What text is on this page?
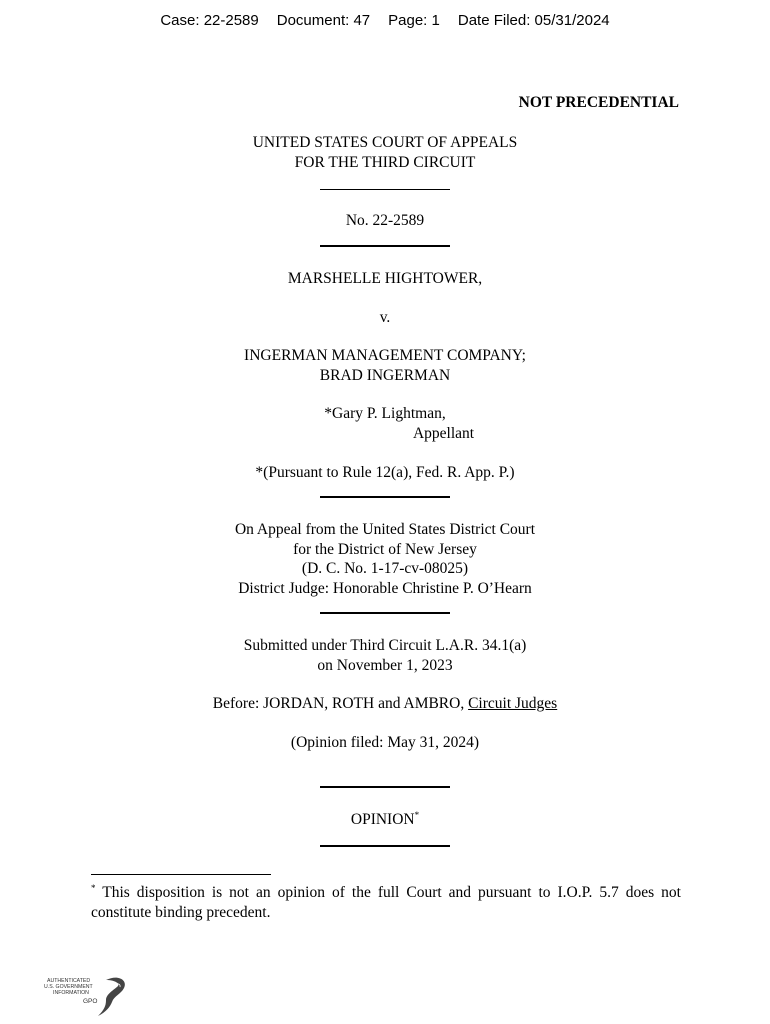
Case: 22-2589 Document: 47 Page: 1 Date Filed: 05/31/2024
NOT PRECEDENTIAL
UNITED STATES COURT OF APPEALS
FOR THE THIRD CIRCUIT
No. 22-2589
MARSHELLE HIGHTOWER,
v.
INGERMAN MANAGEMENT COMPANY;
BRAD INGERMAN
*Gary P. Lightman,
Appellant
*(Pursuant to Rule 12(a), Fed. R. App. P.)
On Appeal from the United States District Court
for the District of New Jersey
(D. C. No. 1-17-cv-08025)
District Judge: Honorable Christine P. O’Hearn
Submitted under Third Circuit L.A.R. 34.1(a)
on November 1, 2023
Before: JORDAN, ROTH and AMBRO, Circuit Judges
(Opinion filed: May 31, 2024)
OPINION*
* This disposition is not an opinion of the full Court and pursuant to I.O.P. 5.7 does not constitute binding precedent.
AUTHENTICATED
U.S. GOVERNMENT
INFORMATION
GPO
